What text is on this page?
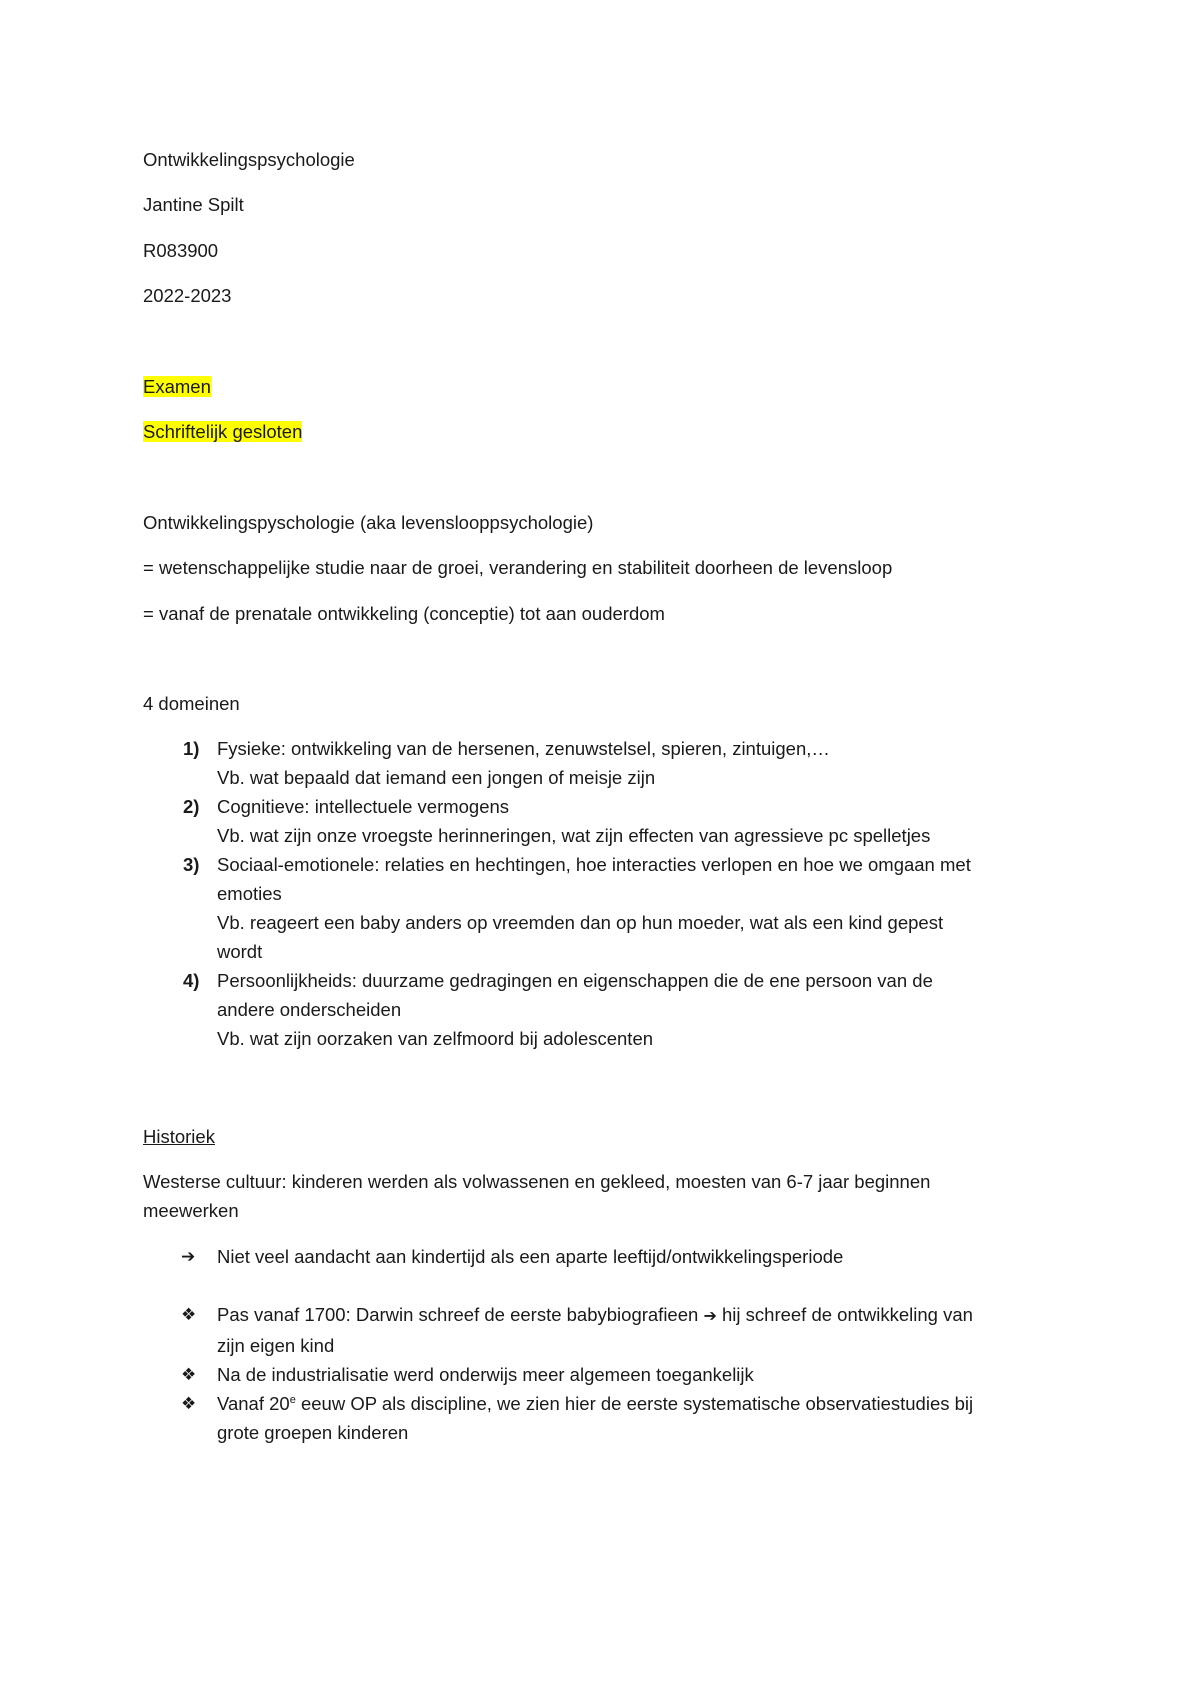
Ontwikkelingspsychologie

Jantine Spilt

R083900

2022-2023

Examen

Schriftelijk gesloten

Ontwikkelingspyschologie (aka levenslooppsychologie)

= wetenschappelijke studie naar de groei, verandering en stabiliteit doorheen de levensloop

= vanaf de prenatale ontwikkeling (conceptie) tot aan ouderdom

4 domeinen

1) Fysieke: ontwikkeling van de hersenen, zenuwstelsel, spieren, zintuigen,…
Vb. wat bepaald dat iemand een jongen of meisje zijn
2) Cognitieve: intellectuele vermogens
Vb. wat zijn onze vroegste herinneringen, wat zijn effecten van agressieve pc spelletjes
3) Sociaal-emotionele: relaties en hechtingen, hoe interacties verlopen en hoe we omgaan met
emoties
Vb. reageert een baby anders op vreemden dan op hun moeder, wat als een kind gepest
wordt
4) Persoonlijkheids: duurzame gedragingen en eigenschappen die de ene persoon van de
andere onderscheiden
Vb. wat zijn oorzaken van zelfmoord bij adolescenten

Historiek

Westerse cultuur: kinderen werden als volwassenen en gekleed, moesten van 6-7 jaar beginnen

meewerken

➔ Niet veel aandacht aan kindertijd als een aparte leeftijd/ontwikkelingsperiode
❖ Pas vanaf 1700: Darwin schreef de eerste babybiografieen ➔ hij schreef de ontwikkeling van
zijn eigen kind
❖ Na de industrialisatie werd onderwijs meer algemeen toegankelijk
❖ Vanaf 20e eeuw OP als discipline, we zien hier de eerste systematische observatiestudies bij
grote groepen kinderen
